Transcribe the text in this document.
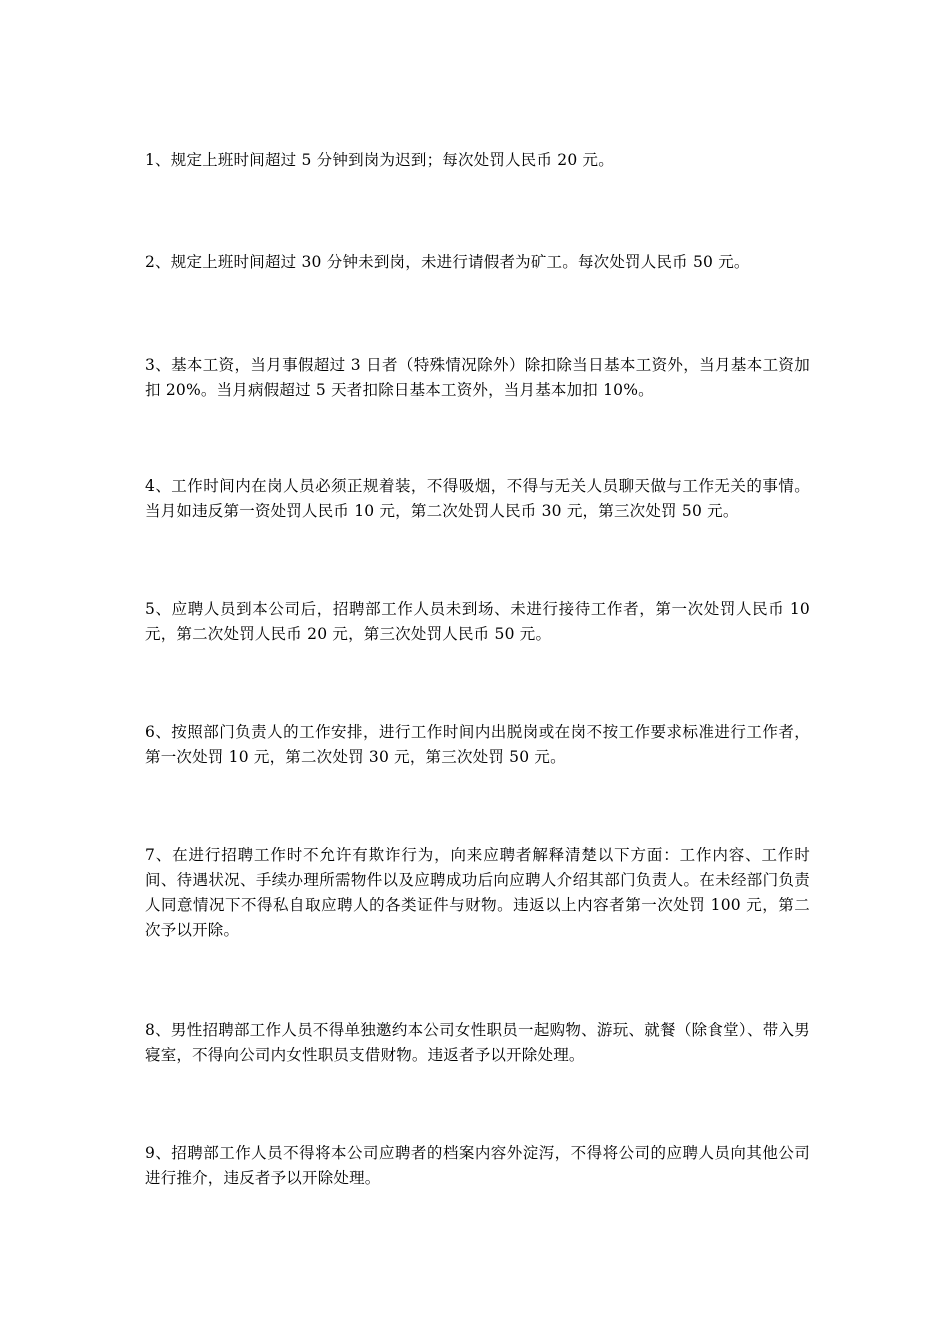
1、规定上班时间超过 5 分钟到岗为迟到；每次处罚人民币 20 元。

2、规定上班时间超过 30 分钟未到岗，未进行请假者为矿工。每次处罚人民币 50 元。

3、基本工资，当月事假超过 3 日者（特殊情况除外）除扣除当日基本工资外，当月基本工资加扣 20%。当月病假超过 5 天者扣除日基本工资外，当月基本加扣 10%。

4、工作时间内在岗人员必须正规着装，不得吸烟，不得与无关人员聊天做与工作无关的事情。当月如违反第一资处罚人民币 10 元，第二次处罚人民币 30 元，第三次处罚 50 元。

5、应聘人员到本公司后，招聘部工作人员未到场、未进行接待工作者，第一次处罚人民币 10 元，第二次处罚人民币 20 元，第三次处罚人民币 50 元。

6、按照部门负责人的工作安排，进行工作时间内出脱岗或在岗不按工作要求标准进行工作者，第一次处罚 10 元，第二次处罚 30 元，第三次处罚 50 元。

7、在进行招聘工作时不允许有欺诈行为，向来应聘者解释清楚以下方面：工作内容、工作时间、待遇状况、手续办理所需物件以及应聘成功后向应聘人介绍其部门负责人。在未经部门负责人同意情况下不得私自取应聘人的各类证件与财物。违返以上内容者第一次处罚 100 元，第二次予以开除。

8、男性招聘部工作人员不得单独邀约本公司女性职员一起购物、游玩、就餐（除食堂）、带入男寝室，不得向公司内女性职员支借财物。违返者予以开除处理。

9、招聘部工作人员不得将本公司应聘者的档案内容外淀泻，不得将公司的应聘人员向其他公司进行推介，违反者予以开除处理。
